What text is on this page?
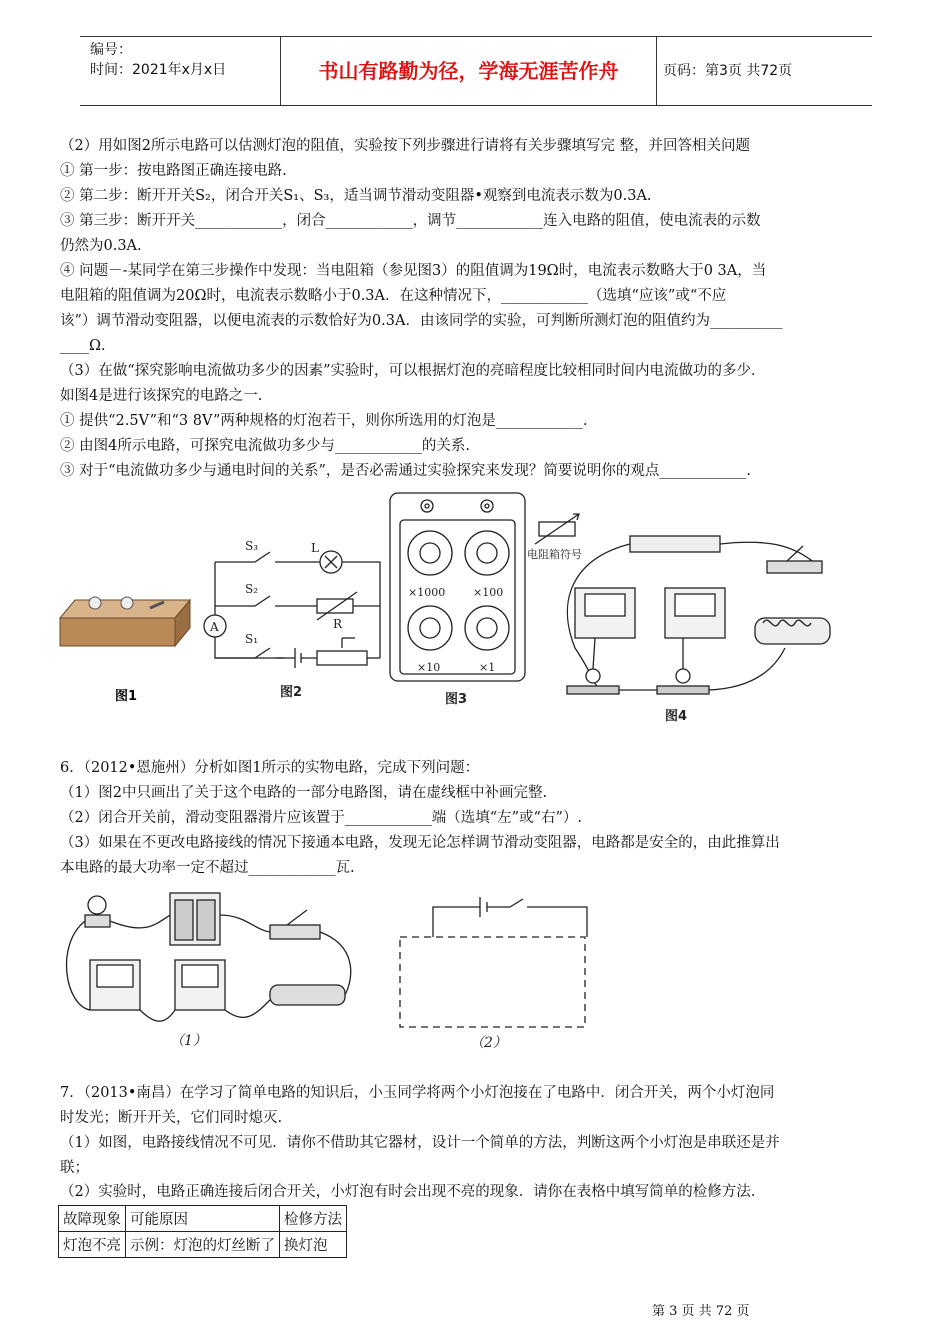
编号：
时间：2021年x月x日	书山有路勤为径，学海无涯苦作舟	页码：第3页 共72页
（2）用如图2所示电路可以估测灯泡的阻值，实验按下列步骤进行请将有关步骤填写完 整，并回答相关问题
① 第一步：按电路图正确连接电路.
② 第二步：断开开关S₂，闭合开关S₁、S₃，适当调节滑动变阻器•观察到电流表示数为0.3A.
③ 第三步：断开开关____________，闭合____________，调节____________连入电路的阻值，使电流表的示数
仍然为0.3A.
④ 问题－-某同学在第三步操作中发现：当电阻箱（参见图3）的阻值调为19Ω时，电流表示数略大于0 3A，当
电阻箱的阻值调为20Ω时，电流表示数略小于0.3A．在这种情况下，____________（选填“应该”或“不应
该”）调节滑动变阻器，以便电流表的示数恰好为0.3A．由该同学的实验，可判断所测灯泡的阻值约为__________
____Ω.
（3）在做“探究影响电流做功多少的因素”实验时，可以根据灯泡的亮暗程度比较相同时间内电流做功的多少．
如图4是进行该探究的电路之一.
① 提供“2.5V”和“3 8V”两种规格的灯泡若干，则你所选用的灯泡是____________.
② 由图4所示电路，可探究电流做功多少与____________的关系.
③ 对于“电流做功多少与通电时间的关系”，是否必需通过实验探究来发现？简要说明你的观点____________.
图1
S₃
S₂
S₁
L
R
A
图2
×1000	×100
×10	×1
图3
电阻箱符号
图4
6．（2012•恩施州）分析如图1所示的实物电路，完成下列问题：
（1）图2中只画出了关于这个电路的一部分电路图，请在虚线框中补画完整.
（2）闭合开关前，滑动变阻器滑片应该置于____________端（选填“左”或“右”）.
（3）如果在不更改电路接线的情况下接通本电路，发现无论怎样调节滑动变阻器，电路都是安全的，由此推算出
本电路的最大功率一定不超过____________瓦.
（1）	（2）
7．（2013•南昌）在学习了简单电路的知识后，小玉同学将两个小灯泡接在了电路中．闭合开关，两个小灯泡同
时发光；断开开关，它们同时熄灭.
（1）如图，电路接线情况不可见．请你不借助其它器材，设计一个简单的方法，判断这两个小灯泡是串联还是并
联；
（2）实验时，电路正确连接后闭合开关，小灯泡有时会出现不亮的现象．请你在表格中填写简单的检修方法.
故障现象	可能原因	检修方法
灯泡不亮	示例：灯泡的灯丝断了	换灯泡
第 3 页 共 72 页
